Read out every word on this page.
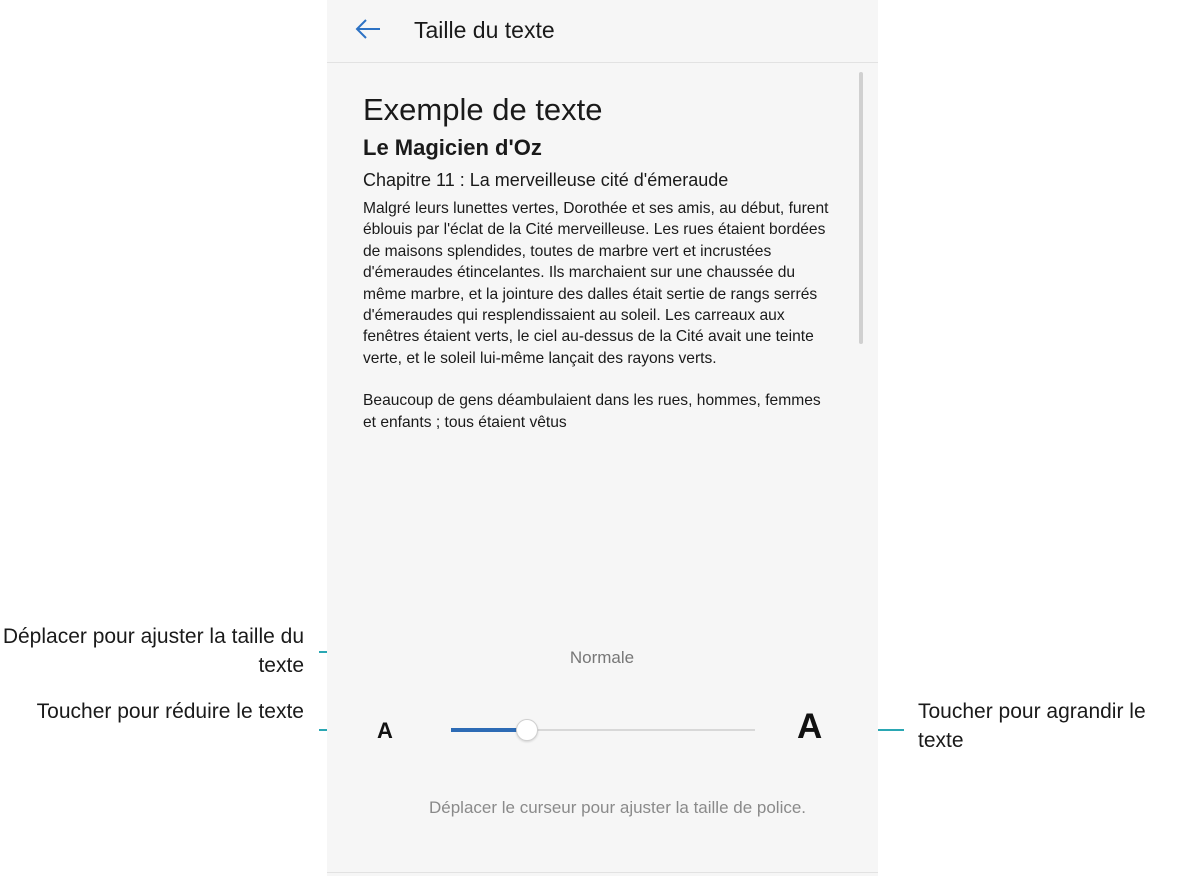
Déplacer pour ajuster la taille du texte
Toucher pour réduire le texte	Toucher pour agrandir le texte
Taille du texte
Exemple de texte
Le Magicien d'Oz
Chapitre 11 : La merveilleuse cité d'émeraude

Malgré leurs lunettes vertes, Dorothée et ses amis, au début, furent éblouis par l'éclat de la Cité merveilleuse. Les rues étaient bordées de maisons splendides, toutes de marbre vert et incrustées d'émeraudes étincelantes. Ils marchaient sur une chaussée du même marbre, et la jointure des dalles était sertie de rangs serrés d'émeraudes qui resplendissaient au soleil. Les carreaux aux fenêtres étaient verts, le ciel au-dessus de la Cité avait une teinte verte, et le soleil lui-même lançait des rayons verts.

Beaucoup de gens déambulaient dans les rues, hommes, femmes et enfants ; tous étaient vêtus

Normale
A	A
Déplacer le curseur pour ajuster la taille de police.
